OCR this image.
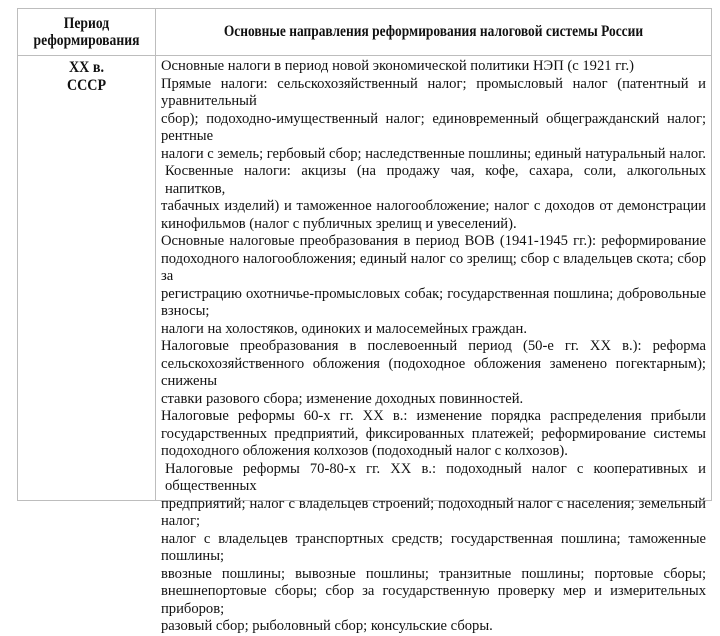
Период
реформирования
Основные направления реформирования налоговой системы России
XX в.
СССР
Основные налоги в период новой экономической политики НЭП (с 1921 гг.)
Прямые налоги: сельскохозяйственный налог; промысловый налог (патентный и уравнительный
сбор); подоходно-имущественный налог; единовременный общегражданский налог; рентные
налоги с земель; гербовый сбор; наследственные пошлины; единый натуральный налог.
Косвенные налоги: акцизы (на продажу чая, кофе, сахара, соли, алкогольных напитков,
табачных изделий) и таможенное налогообложение; налог с доходов от демонстрации
кинофильмов (налог с публичных зрелищ и увеселений).
Основные налоговые преобразования в период ВОВ (1941-1945 гг.): реформирование
подоходного налогообложения; единый налог со зрелищ; сбор с владельцев скота; сбор за
регистрацию охотничье-промысловых собак; государственная пошлина; добровольные взносы;
налоги на холостяков, одиноких и малосемейных граждан.
Налоговые преобразования в послевоенный период (50-е гг. XX в.): реформа
сельскохозяйственного обложения (подоходное обложения заменено погектарным); снижены
ставки разового сбора; изменение доходных повинностей.
Налоговые реформы 60-х гг. XX в.: изменение порядка распределения прибыли
государственных предприятий, фиксированных платежей; реформирование системы
подоходного обложения колхозов (подоходный налог с колхозов).
Налоговые реформы 70-80-х гг. XX в.: подоходный налог с кооперативных и общественных
предприятий; налог с владельцев строений; подоходный налог с населения; земельный налог;
налог с владельцев транспортных средств; государственная пошлина; таможенные пошлины;
ввозные пошлины; вывозные пошлины; транзитные пошлины; портовые сборы;
внешнепортовые сборы; сбор за государственную проверку мер и измерительных приборов;
разовый сбор; рыболовный сбор; консульские сборы.
